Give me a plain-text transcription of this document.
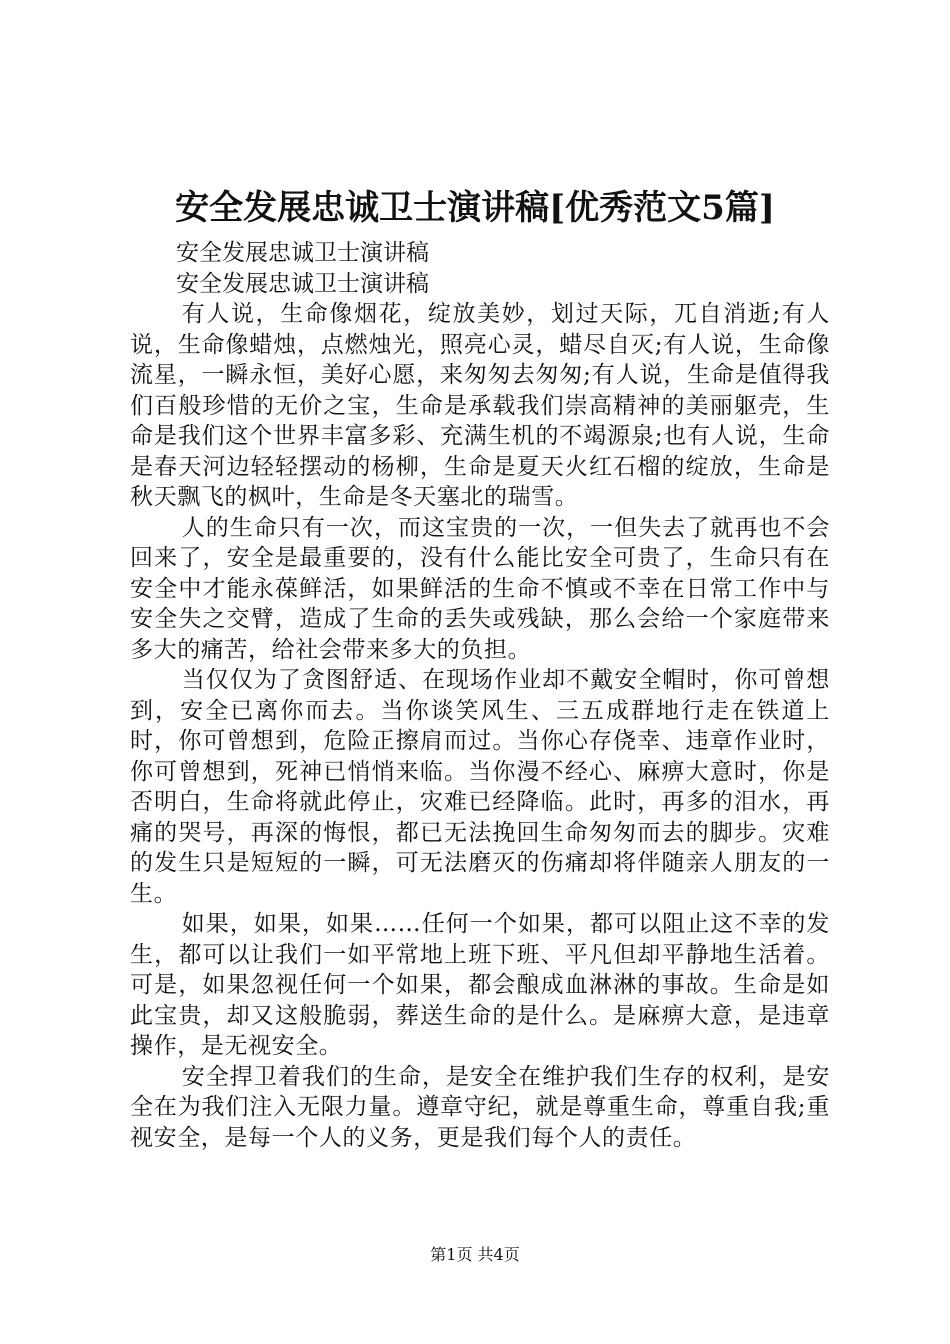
安全发展忠诚卫士演讲稿[优秀范文5篇]

安全发展忠诚卫士演讲稿

安全发展忠诚卫士演讲稿

有人说，生命像烟花，绽放美妙，划过天际，兀自消逝;有人说，生命像蜡烛，点燃烛光，照亮心灵，蜡尽自灭;有人说，生命像流星，一瞬永恒，美好心愿，来匆匆去匆匆;有人说，生命是值得我们百般珍惜的无价之宝，生命是承载我们崇高精神的美丽躯壳，生命是我们这个世界丰富多彩、充满生机的不竭源泉;也有人说，生命是春天河边轻轻摆动的杨柳，生命是夏天火红石榴的绽放，生命是秋天飘飞的枫叶，生命是冬天塞北的瑞雪。

人的生命只有一次，而这宝贵的一次，一但失去了就再也不会回来了，安全是最重要的，没有什么能比安全可贵了，生命只有在安全中才能永葆鲜活，如果鲜活的生命不慎或不幸在日常工作中与安全失之交臂，造成了生命的丢失或残缺，那么会给一个家庭带来多大的痛苦，给社会带来多大的负担。

当仅仅为了贪图舒适、在现场作业却不戴安全帽时，你可曾想到，安全已离你而去。当你谈笑风生、三五成群地行走在铁道上时，你可曾想到，危险正擦肩而过。当你心存侥幸、违章作业时，你可曾想到，死神已悄悄来临。当你漫不经心、麻痹大意时，你是否明白，生命将就此停止，灾难已经降临。此时，再多的泪水，再痛的哭号，再深的悔恨，都已无法挽回生命匆匆而去的脚步。灾难的发生只是短短的一瞬，可无法磨灭的伤痛却将伴随亲人朋友的一生。

如果，如果，如果……任何一个如果，都可以阻止这不幸的发生，都可以让我们一如平常地上班下班、平凡但却平静地生活着。可是，如果忽视任何一个如果，都会酿成血淋淋的事故。生命是如此宝贵，却又这般脆弱，葬送生命的是什么。是麻痹大意，是违章操作，是无视安全。

安全捍卫着我们的生命，是安全在维护我们生存的权利，是安全在为我们注入无限力量。遵章守纪，就是尊重生命，尊重自我;重视安全，是每一个人的义务，更是我们每个人的责任。

第1页 共4页
